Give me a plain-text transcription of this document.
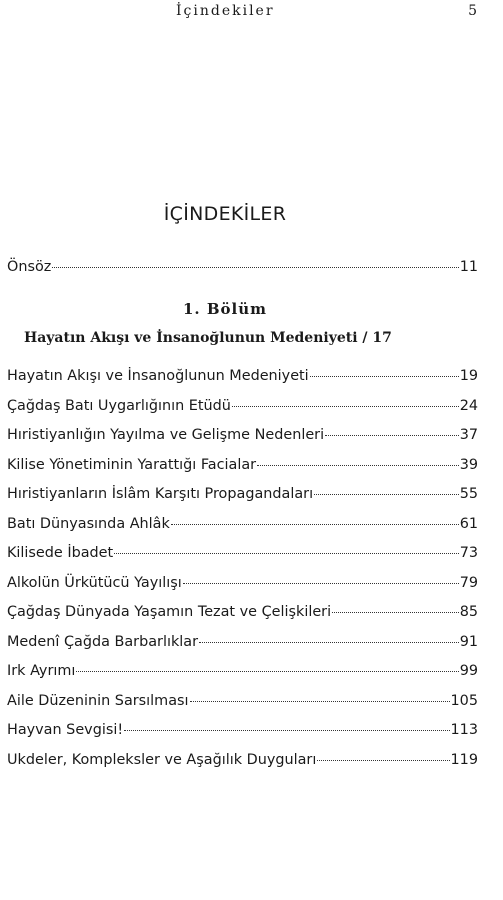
İçindekiler	5
İÇİNDEKİLER
Önsöz	11
1. Bölüm
Hayatın Akışı ve İnsanoğlunun Medeniyeti / 17
Hayatın Akışı ve İnsanoğlunun Medeniyeti	19
Çağdaş Batı Uygarlığının Etüdü	24
Hıristiyanlığın Yayılma ve Gelişme Nedenleri	37
Kilise Yönetiminin Yarattığı Facialar	39
Hıristiyanların İslâm Karşıtı Propagandaları	55
Batı Dünyasında Ahlâk	61
Kilisede İbadet	73
Alkolün Ürkütücü Yayılışı	79
Çağdaş Dünyada Yaşamın Tezat ve Çelişkileri	85
Medenî Çağda Barbarlıklar	91
Irk Ayrımı	99
Aile Düzeninin Sarsılması	105
Hayvan Sevgisi!	113
Ukdeler, Kompleksler ve Aşağılık Duyguları	119
